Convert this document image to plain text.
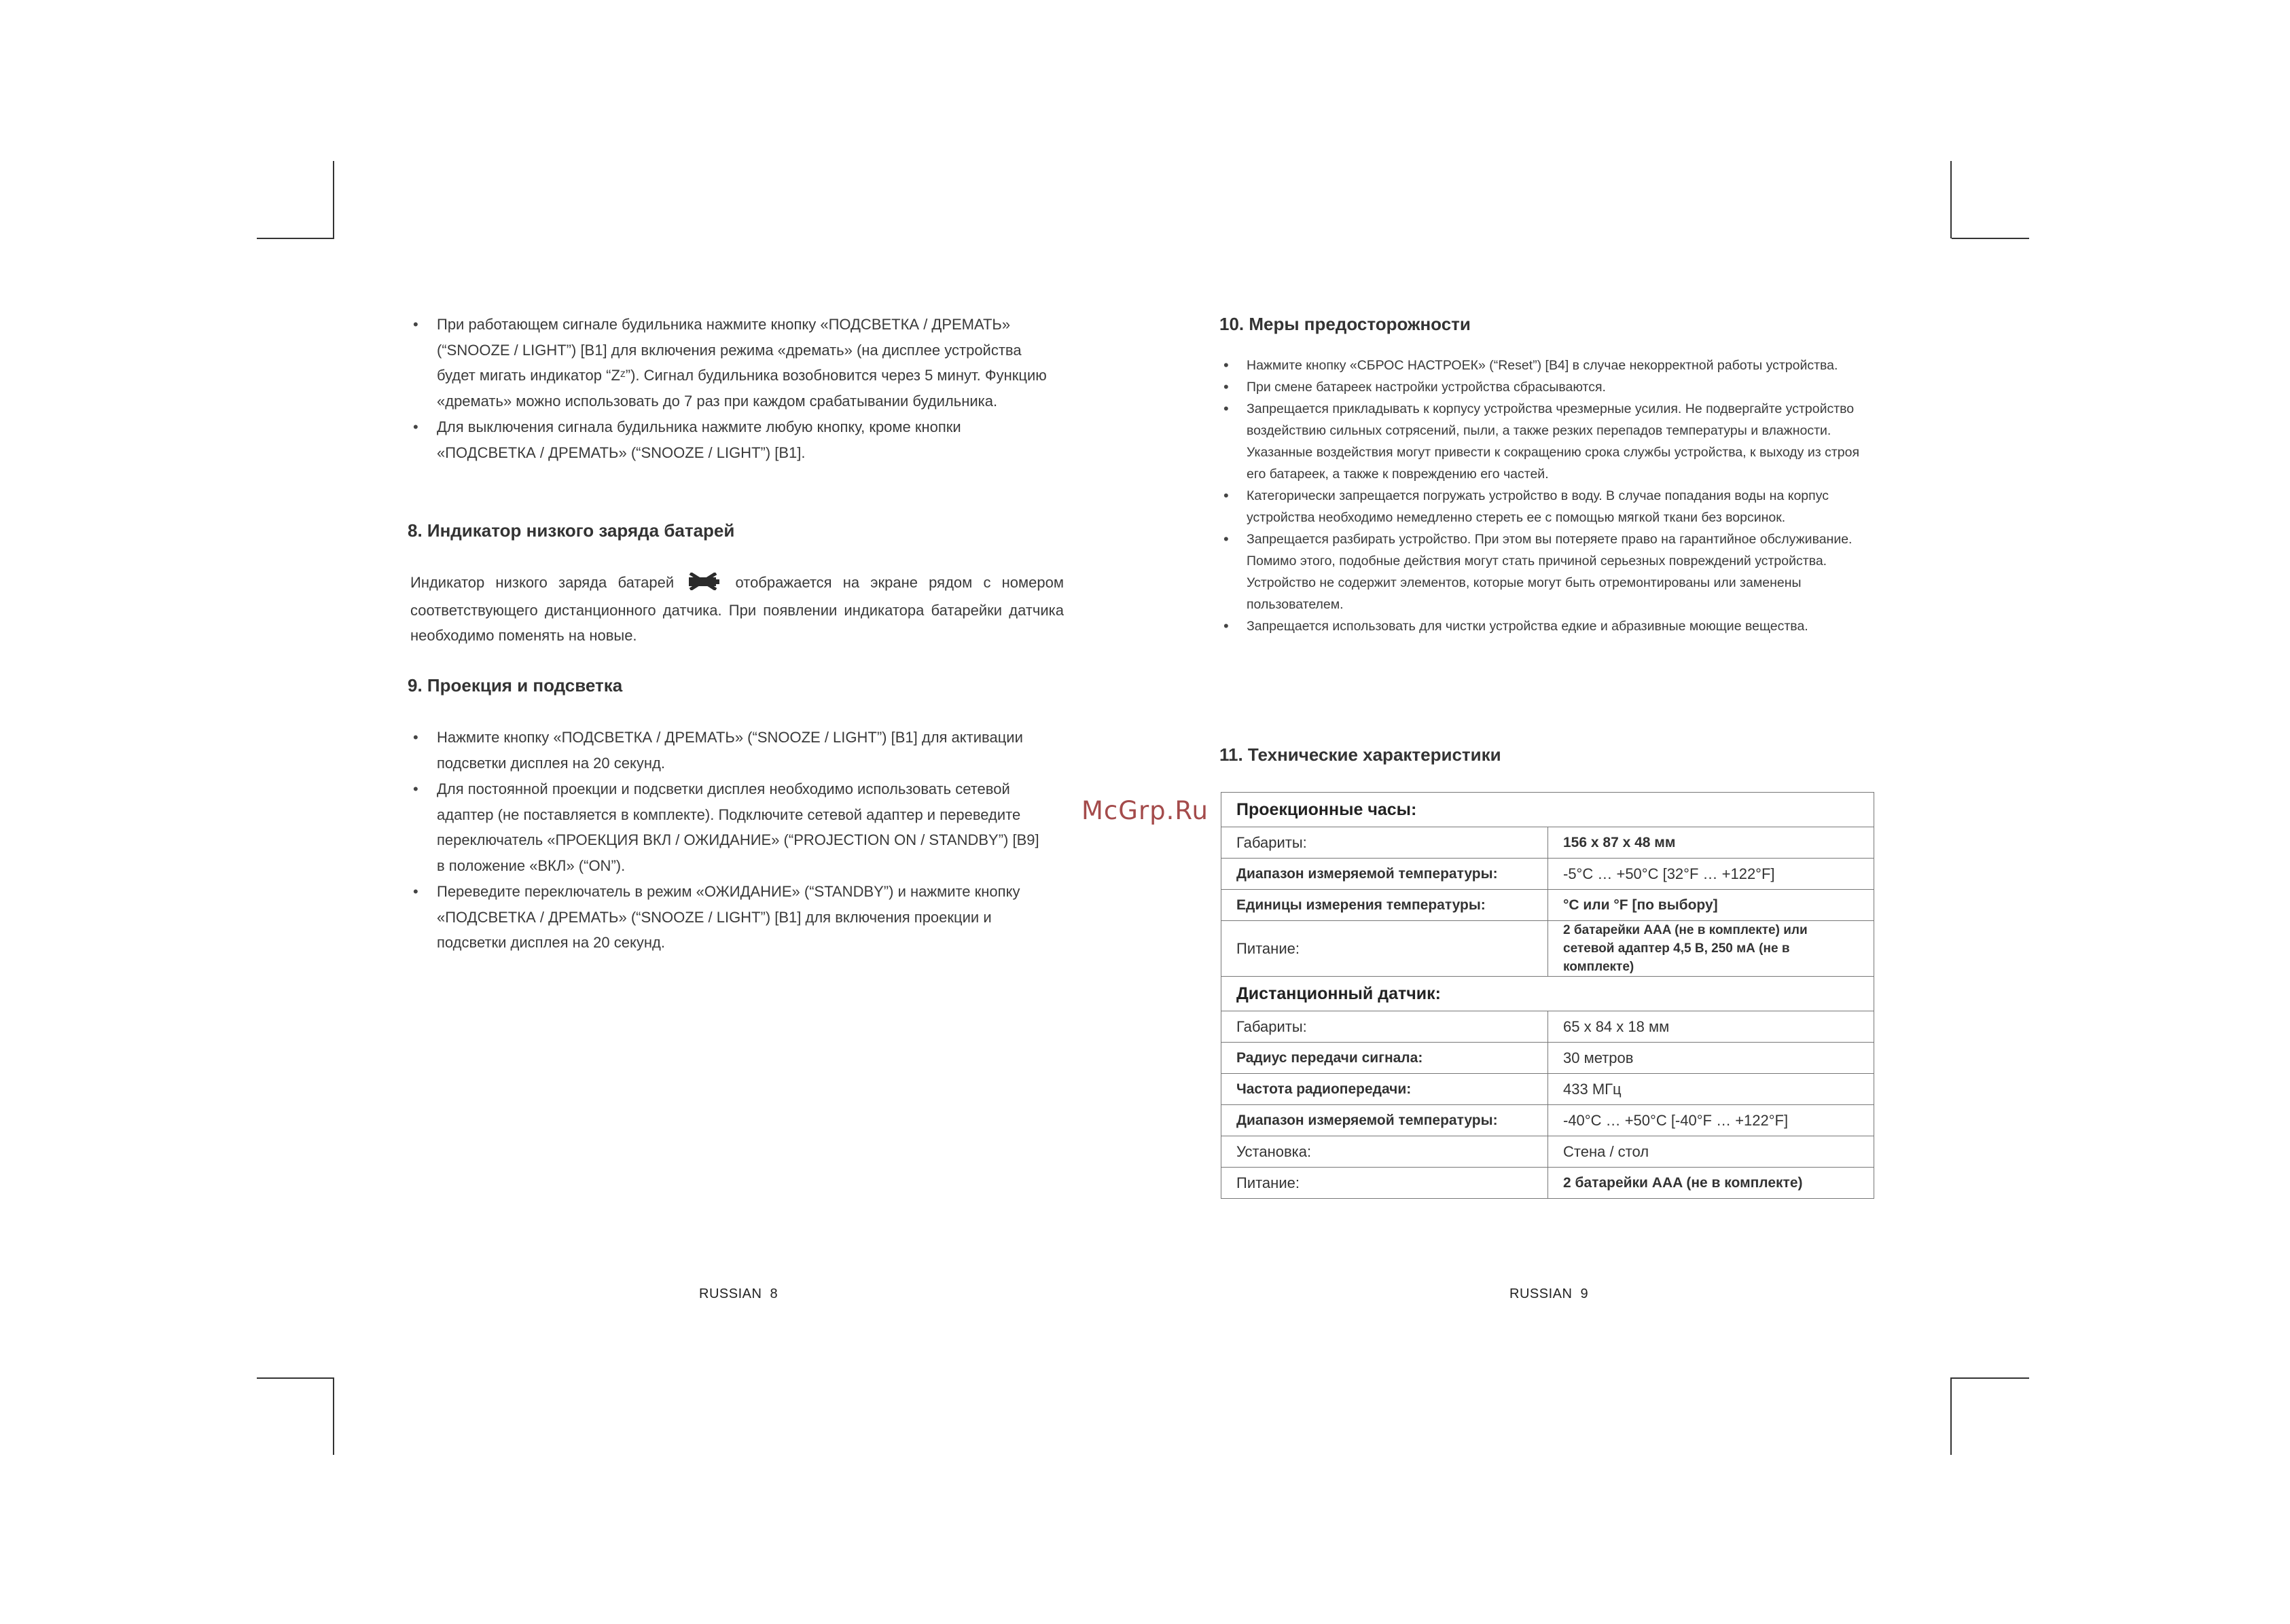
• При работающем сигнале будильника нажмите кнопку «ПОДСВЕТКА / ДРЕМАТЬ» (“SNOOZE / LIGHT”) [B1] для включения режима «дремать» (на дисплее устройства будет мигать индикатор “Zᶻ”). Сигнал будильника возобновится через 5 минут. Функцию «дремать» можно использовать до 7 раз при каждом срабатывании будильника.
• Для выключения сигнала будильника нажмите любую кнопку, кроме кнопки «ПОДСВЕТКА / ДРЕМАТЬ» (“SNOOZE / LIGHT”) [B1].
8. Индикатор низкого заряда батарей
Индикатор низкого заряда батарей	отображается на экране рядом с номером соответствующего дистанционного датчика. При появлении индикатора батарейки датчика необходимо поменять на новые.
9. Проекция и подсветка
• Нажмите кнопку «ПОДСВЕТКА / ДРЕМАТЬ» (“SNOOZE / LIGHT”) [B1] для активации подсветки дисплея на 20 секунд.
• Для постоянной проекции и подсветки дисплея необходимо использовать сетевой адаптер (не поставляется в комплекте). Подключите сетевой адаптер и переведите переключатель «ПРОЕКЦИЯ ВКЛ / ОЖИДАНИЕ» (“PROJECTION ON / STANDBY”) [B9] в положение «ВКЛ» (“ON”).
• Переведите переключатель в режим «ОЖИДАНИЕ» (“STANDBY”) и нажмите кнопку «ПОДСВЕТКА / ДРЕМАТЬ» (“SNOOZE / LIGHT”) [B1] для включения проекции и подсветки дисплея на 20 секунд.
RUSSIAN  8
10. Меры предосторожности
• Нажмите кнопку «СБРОС НАСТРОЕК» (“Reset”) [B4] в случае некорректной работы устройства.
• При смене батареек настройки устройства сбрасываются.
• Запрещается прикладывать к корпусу устройства чрезмерные усилия. Не подвергайте устройство воздействию сильных сотрясений, пыли, а также резких перепадов температуры и влажности. Указанные воздействия могут привести к сокращению срока службы устройства, к выходу из строя его батареек, а также к повреждению его частей.
• Категорически запрещается погружать устройство в воду. В случае попадания воды на корпус устройства необходимо немедленно стереть ее с помощью мягкой ткани без ворсинок.
• Запрещается разбирать устройство. При этом вы потеряете право на гарантийное обслуживание. Помимо этого, подобные действия могут стать причиной серьезных повреждений устройства. Устройство не содержит элементов, которые могут быть отремонтированы или заменены пользователем.
• Запрещается использовать для чистки устройства едкие и абразивные моющие вещества.
11. Технические характеристики
RUSSIAN  9
McGrp.Ru Проекционные часы:	
Габариты:	156 x 87 x 48 мм
Диапазон измеряемой температуры:	-5°C … +50°C [32°F … +122°F]
Единицы измерения температуры:	°C или °F [по выбору]
Питание:	2 батарейки AAA (не в комплекте) или сетевой адаптер 4,5 В, 250 мА (не в комплекте)
Дистанционный датчик:	
Габариты:	65 x 84 x 18 мм
Радиус передачи сигнала:	30 метров
Частота радиопередачи:	433 МГц
Диапазон измеряемой температуры:	-40°C … +50°C [-40°F … +122°F]
Установка:	Стена / стол
Питание:	2 батарейки AAA (не в комплекте)
